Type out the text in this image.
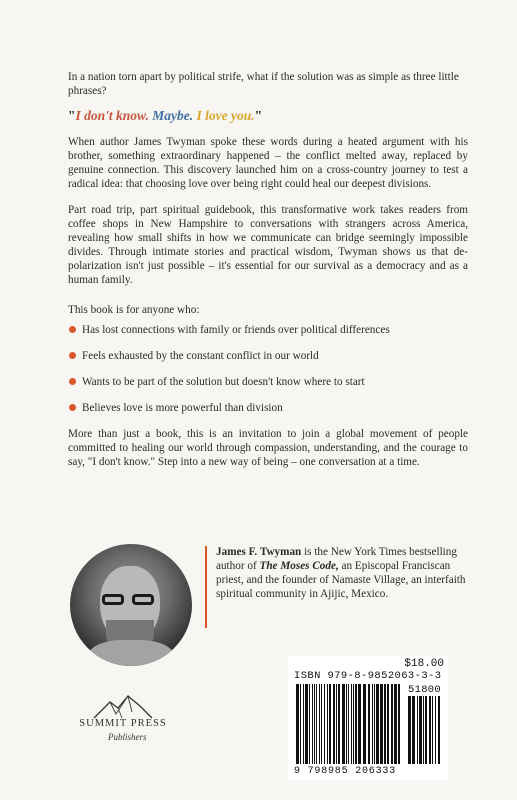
In a nation torn apart by political strife, what if the solution was as simple as three little phrases?

"I don't know. Maybe. I love you."

When author James Twyman spoke these words during a heated argument with his brother, something extraordinary happened – the conflict melted away, replaced by genuine connection. This discovery launched him on a cross-country journey to test a radical idea: that choosing love over being right could heal our deepest divisions.

Part road trip, part spiritual guidebook, this transformative work takes readers from coffee shops in New Hampshire to conversations with strangers across America, revealing how small shifts in how we communicate can bridge seemingly impossible divides. Through intimate stories and practical wisdom, Twyman shows us that de-polarization isn't just possible – it's essential for our survival as a democracy and as a human family.

This book is for anyone who:

Has lost connections with family or friends over political differences
Feels exhausted by the constant conflict in our world
Wants to be part of the solution but doesn't know where to start
Believes love is more powerful than division

More than just a book, this is an invitation to join a global movement of people committed to healing our world through compassion, understanding, and the courage to say, "I don't know." Step into a new way of being – one conversation at a time.

James F. Twyman is the New York Times bestselling author of The Moses Code, an Episcopal Franciscan priest, and the founder of Namaste Village, an interfaith spiritual community in Ajijic, Mexico.

SUMMIT PRESS
Publishers
$18.00
ISBN 979-8-9852063-3-3
51800
9 798985 206333
